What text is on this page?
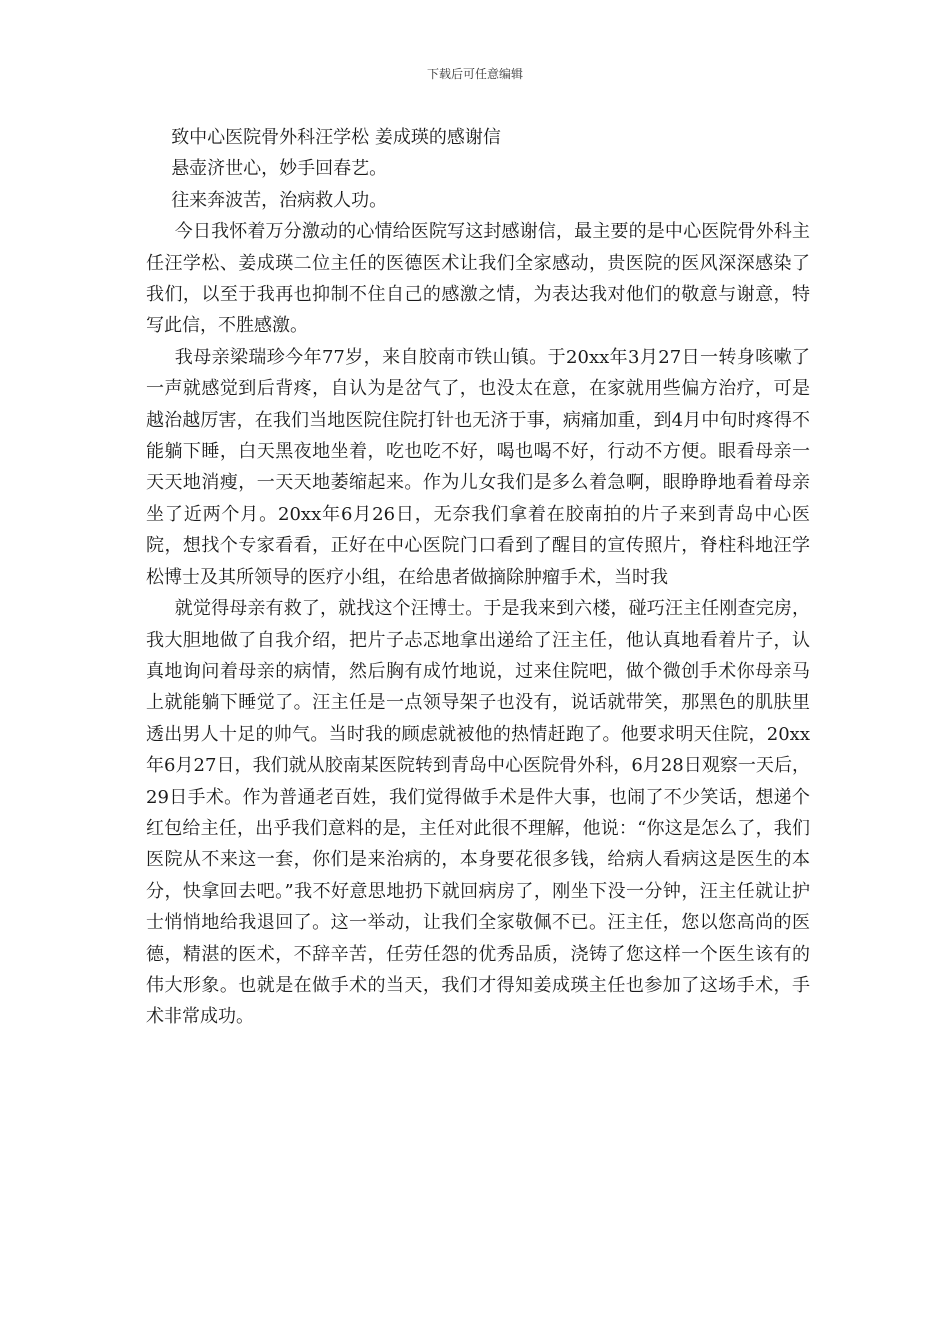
下载后可任意编辑

致中心医院骨外科汪学松 姜成瑛的感谢信

悬壶济世心，妙手回春艺。

往来奔波苦，治病救人功。

今日我怀着万分激动的心情给医院写这封感谢信，最主要的是中心医院骨外科主任汪学松、姜成瑛二位主任的医德医术让我们全家感动，贵医院的医风深深感染了我们，以至于我再也抑制不住自己的感激之情，为表达我对他们的敬意与谢意，特写此信，不胜感激。

我母亲梁瑞珍今年77岁，来自胶南市铁山镇。于20xx年3月27日一转身咳嗽了一声就感觉到后背疼，自认为是岔气了，也没太在意，在家就用些偏方治疗，可是越治越厉害，在我们当地医院住院打针也无济于事，病痛加重，到4月中旬时疼得不能躺下睡，白天黑夜地坐着，吃也吃不好，喝也喝不好，行动不方便。眼看母亲一天天地消瘦，一天天地萎缩起来。作为儿女我们是多么着急啊，眼睁睁地看着母亲坐了近两个月。20xx年6月26日，无奈我们拿着在胶南拍的片子来到青岛中心医院，想找个专家看看，正好在中心医院门口看到了醒目的宣传照片，脊柱科地汪学松博士及其所领导的医疗小组，在给患者做摘除肿瘤手术，当时我

就觉得母亲有救了，就找这个汪博士。于是我来到六楼，碰巧汪主任刚查完房，我大胆地做了自我介绍，把片子忐忑地拿出递给了汪主任，他认真地看着片子，认真地询问着母亲的病情，然后胸有成竹地说，过来住院吧，做个微创手术你母亲马上就能躺下睡觉了。汪主任是一点领导架子也没有，说话就带笑，那黑色的肌肤里透出男人十足的帅气。当时我的顾虑就被他的热情赶跑了。他要求明天住院，20xx年6月27日，我们就从胶南某医院转到青岛中心医院骨外科，6月28日观察一天后，29日手术。作为普通老百姓，我们觉得做手术是件大事，也闹了不少笑话，想递个红包给主任，出乎我们意料的是，主任对此很不理解，他说：“你这是怎么了，我们医院从不来这一套，你们是来治病的，本身要花很多钱，给病人看病这是医生的本分，快拿回去吧。”我不好意思地扔下就回病房了，刚坐下没一分钟，汪主任就让护士悄悄地给我退回了。这一举动，让我们全家敬佩不已。汪主任，您以您高尚的医德，精湛的医术，不辞辛苦，任劳任怨的优秀品质，浇铸了您这样一个医生该有的伟大形象。也就是在做手术的当天，我们才得知姜成瑛主任也参加了这场手术，手术非常成功。
